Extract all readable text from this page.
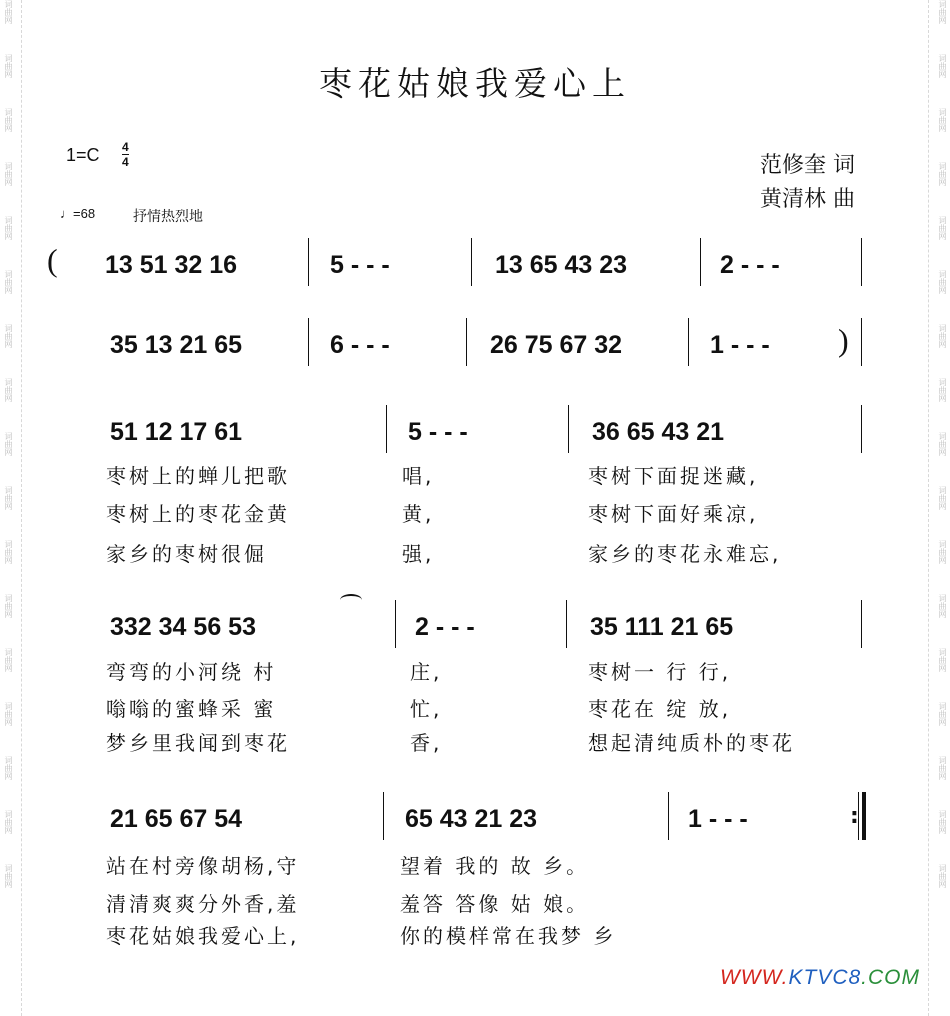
词曲网
词曲网
词曲网
词曲网
词曲网
词曲网
词曲网
词曲网
词曲网
词曲网
词曲网
词曲网
词曲网
词曲网
词曲网
词曲网
词曲网
词曲网
词曲网
词曲网
词曲网
词曲网
词曲网
词曲网
词曲网
词曲网
词曲网
词曲网
词曲网
词曲网
词曲网
词曲网
词曲网
词曲网
枣花姑娘我爱心上
1=C 4
4	范修奎 词
黄清林 曲
♩=68	抒情热烈地
( 13 51 32 16	5 - - -	13 65 43 23	2 - - -
35 13 21 65	6 - - -	26 75 67 32	1 - - - )
51 12 17 61	5 - - -	36 65 43 21
枣树上的蝉儿把歌	唱,	枣树下面捉迷藏,
枣树上的枣花金黄	黄,	枣树下面好乘凉,
家乡的枣树很倔	强,	家乡的枣花永难忘,
332 34 56 53	2 - - -	35 111 21 65
弯弯的小河绕 村	庄,	枣树一 行 行,
嗡嗡的蜜蜂采 蜜	忙,	枣花在 绽 放,
梦乡里我闻到枣花	香,	想起清纯质朴的枣花
21 65 67 54	65 43 21 23	1 - - -	:
站在村旁像胡杨,守	望着 我的 故 乡。
清清爽爽分外香,羞	羞答 答像 姑 娘。
枣花姑娘我爱心上,	你的模样常在我梦 乡
WWW.KTVC8.COM
